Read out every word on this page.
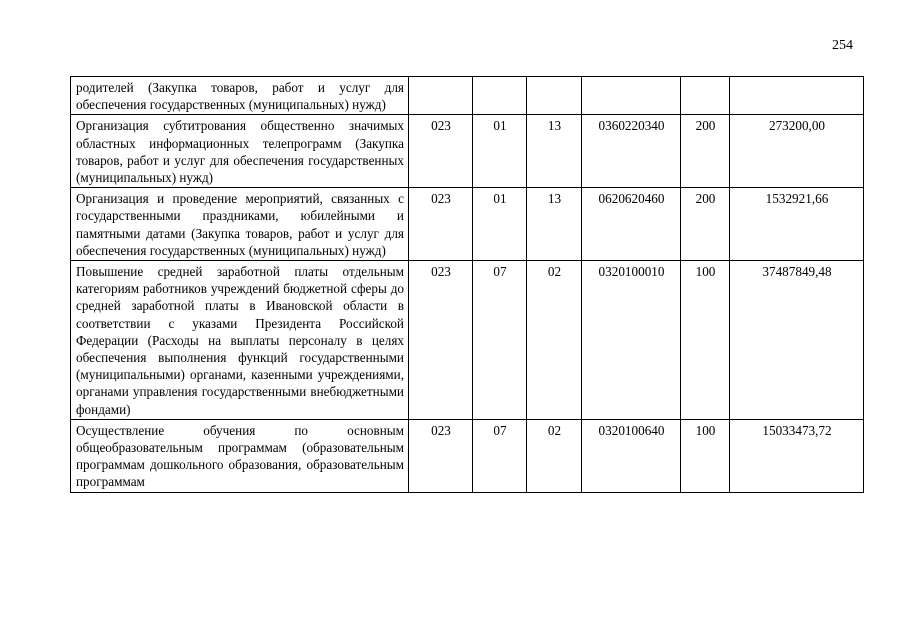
254
родителей (Закупка товаров, работ и услуг для обеспечения государственных (муниципальных) нужд)						
Организация субтитрования общественно значимых областных информационных телепрограмм (Закупка товаров, работ и услуг для обеспечения государственных (муниципальных) нужд)	023	01	13	0360220340	200	273200,00
Организация и проведение мероприятий, связанных с государственными праздниками, юбилейными и памятными датами (Закупка товаров, работ и услуг для обеспечения государственных (муниципальных) нужд)	023	01	13	0620620460	200	1532921,66
Повышение средней заработной платы отдельным категориям работников учреждений бюджетной сферы до средней заработной платы в Ивановской области в соответствии с указами Президента Российской Федерации (Расходы на выплаты персоналу в целях обеспечения выполнения функций государственными (муниципальными) органами, казенными учреждениями, органами управления государственными внебюджетными фондами)	023	07	02	0320100010	100	37487849,48
Осуществление обучения по основным общеобразовательным программам (образовательным программам дошкольного образования, образовательным программам	023	07	02	0320100640	100	15033473,72
